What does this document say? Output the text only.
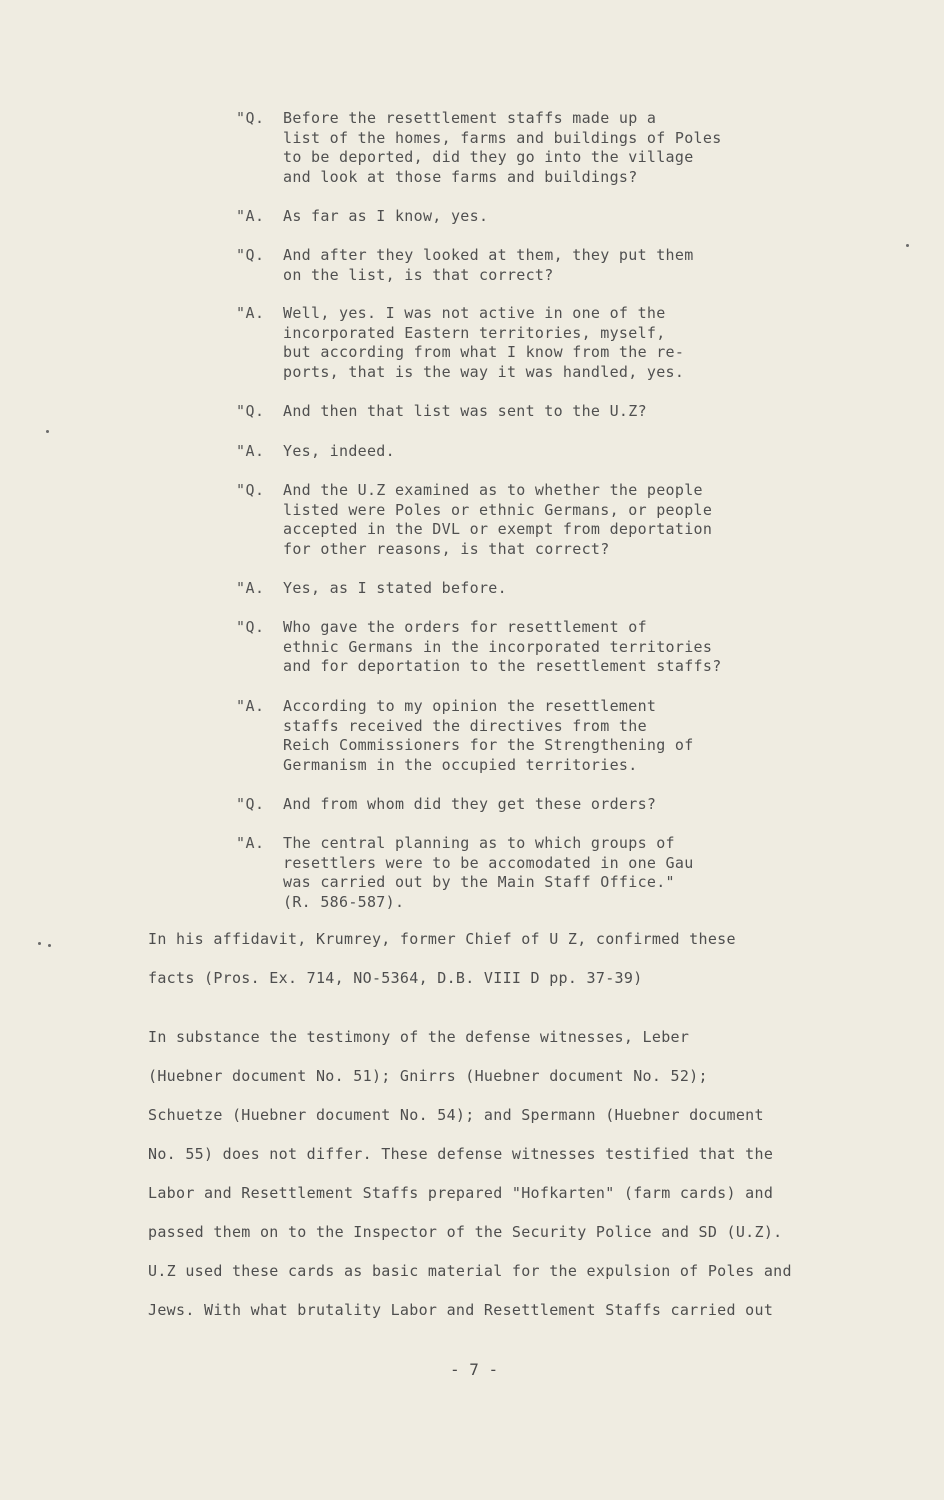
"Q. Before the resettlement staffs made up a
list of the homes, farms and buildings of Poles
to be deported, did they go into the village
and look at those farms and buildings?
"A. As far as I know, yes.
"Q. And after they looked at them, they put them
on the list, is that correct?
"A. Well, yes. I was not active in one of the
incorporated Eastern territories, myself,
but according from what I know from the re-
ports, that is the way it was handled, yes.
"Q. And then that list was sent to the U.Z?
"A. Yes, indeed.
"Q. And the U.Z examined as to whether the people
listed were Poles or ethnic Germans, or people
accepted in the DVL or exempt from deportation
for other reasons, is that correct?
"A. Yes, as I stated before.
"Q. Who gave the orders for resettlement of
ethnic Germans in the incorporated territories
and for deportation to the resettlement staffs?
"A. According to my opinion the resettlement
staffs received the directives from the
Reich Commissioners for the Strengthening of
Germanism in the occupied territories.
"Q. And from whom did they get these orders?
"A. The central planning as to which groups of
resettlers were to be accomodated in one Gau
was carried out by the Main Staff Office."
(R. 586-587).
In his affidavit, Krumrey, former Chief of U Z, confirmed these
facts (Pros. Ex. 714, NO-5364, D.B. VIII D pp. 37-39)
In substance the testimony of the defense witnesses, Leber
(Huebner document No. 51); Gnirrs (Huebner document No. 52);
Schuetze (Huebner document No. 54); and Spermann (Huebner document
No. 55) does not differ. These defense witnesses testified that the
Labor and Resettlement Staffs prepared "Hofkarten" (farm cards) and
passed them on to the Inspector of the Security Police and SD (U.Z).
U.Z used these cards as basic material for the expulsion of Poles and
Jews. With what brutality Labor and Resettlement Staffs carried out
- 7 -
